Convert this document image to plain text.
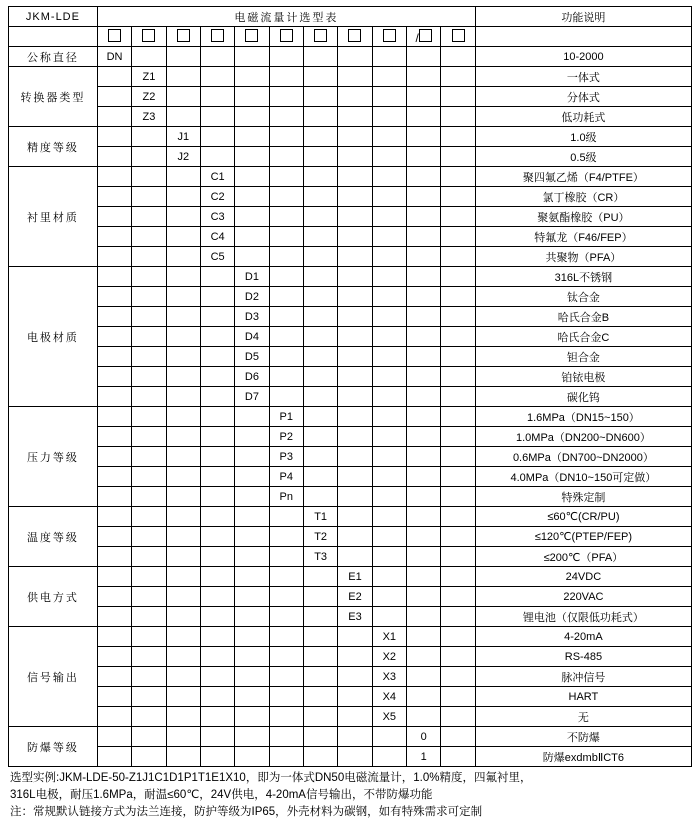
JKM-LDE	电磁流量计选型表											功能说明
										/		
公称直径	DN											10-2000
转换器类型		Z1										一体式
		Z2										分体式
		Z3										低功耗式
精度等级			J1									1.0级
			J2									0.5级
衬里材质				C1								聚四氟乙烯（F4/PTFE）
				C2								氯丁橡胶（CR）
				C3								聚氨酯橡胶（PU）
				C4								特氟龙（F46/FEP）
				C5								共聚物（PFA）
电极材质					D1							316L不锈钢
					D2							钛合金
					D3							哈氏合金B
					D4							哈氏合金C
					D5							钽合金
					D6							铂铱电极
					D7							碳化钨
压力等级						P1						1.6MPa（DN15~150）
						P2						1.0MPa（DN200~DN600）
						P3						0.6MPa（DN700~DN2000）
						P4						4.0MPa（DN10~150可定做）
						Pn						特殊定制
温度等级							T1					≤60℃(CR/PU)
							T2					≤120℃(PTEP/FEP)
							T3					≤200℃（PFA）
供电方式								E1				24VDC
								E2				220VAC
								E3				锂电池（仅限低功耗式）
信号输出									X1			4-20mA
									X2			RS-485
									X3			脉冲信号
									X4			HART
									X5			无
防爆等级										0		不防爆
										1		防爆exdmbⅡCT6
选型实例:JKM-LDE-50-Z1J1C1D1P1T1E1X10，即为一体式DN50电磁流量计，1.0%精度，四氟衬里，
316L电极，耐压1.6MPa，耐温≤60℃，24V供电，4-20mA信号输出，不带防爆功能
注：常规默认链接方式为法兰连接，防护等级为IP65，外壳材料为碳钢，如有特殊需求可定制
